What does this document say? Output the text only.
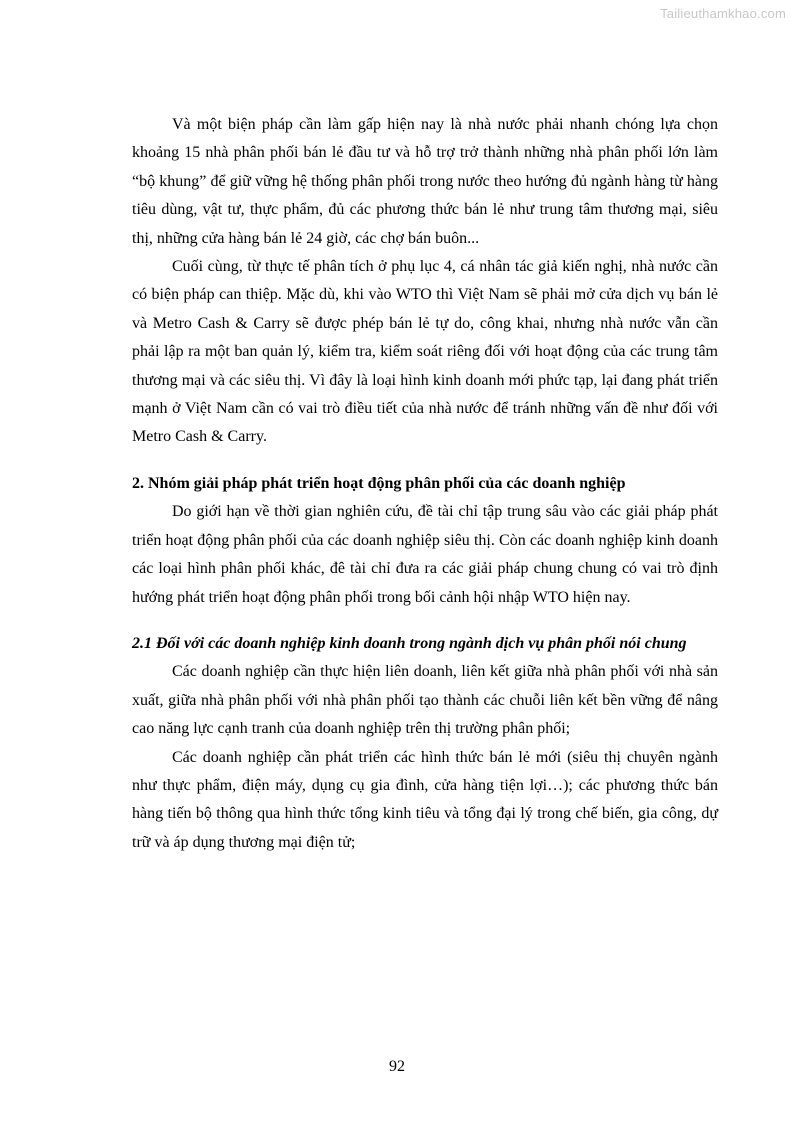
Tailieuthamkhao.com

Và một biện pháp cần làm gấp hiện nay là nhà nước phải nhanh chóng lựa chọn khoảng 15 nhà phân phối bán lẻ đầu tư và hỗ trợ trở thành những nhà phân phối lớn làm “bộ khung” để giữ vững hệ thống phân phối trong nước theo hướng đủ ngành hàng từ hàng tiêu dùng, vật tư, thực phẩm, đủ các phương thức bán lẻ như trung tâm thương mại, siêu thị, những cửa hàng bán lẻ 24 giờ, các chợ bán buôn...

Cuối cùng, từ thực tế phân tích ở phụ lục 4, cá nhân tác giả kiến nghị, nhà nước cần có biện pháp can thiệp. Mặc dù, khi vào WTO thì Việt Nam sẽ phải mở cửa dịch vụ bán lẻ và Metro Cash & Carry sẽ được phép bán lẻ tự do, công khai, nhưng nhà nước vẫn cần phải lập ra một ban quản lý, kiểm tra, kiểm soát riêng đối với hoạt động của các trung tâm thương mại và các siêu thị. Vì đây là loại hình kinh doanh mới phức tạp, lại đang phát triển mạnh ở Việt Nam cần có vai trò điều tiết của nhà nước để tránh những vấn đề như đối với Metro Cash & Carry.

2. Nhóm giải pháp phát triển hoạt động phân phối của các doanh nghiệp

Do giới hạn về thời gian nghiên cứu, đề tài chỉ tập trung sâu vào các giải pháp phát triển hoạt động phân phối của các doanh nghiệp siêu thị. Còn các doanh nghiệp kinh doanh các loại hình phân phối khác, đê tài chỉ đưa ra các giải pháp chung chung có vai trò định hướng phát triển hoạt động phân phối trong bối cảnh hội nhập WTO hiện nay.

2.1 Đối với các doanh nghiệp kinh doanh trong ngành dịch vụ phân phối nói chung

Các doanh nghiệp cần thực hiện liên doanh, liên kết giữa nhà phân phối với nhà sản xuất, giữa nhà phân phối với nhà phân phối tạo thành các chuỗi liên kết bền vững để nâng cao năng lực cạnh tranh của doanh nghiệp trên thị trường phân phối;

Các doanh nghiệp cần phát triển các hình thức bán lẻ mới (siêu thị chuyên ngành như thực phẩm, điện máy, dụng cụ gia đình, cửa hàng tiện lợi…); các phương thức bán hàng tiến bộ thông qua hình thức tổng kinh tiêu và tổng đại lý trong chế biến, gia công, dự trữ và áp dụng thương mại điện tử;

92
